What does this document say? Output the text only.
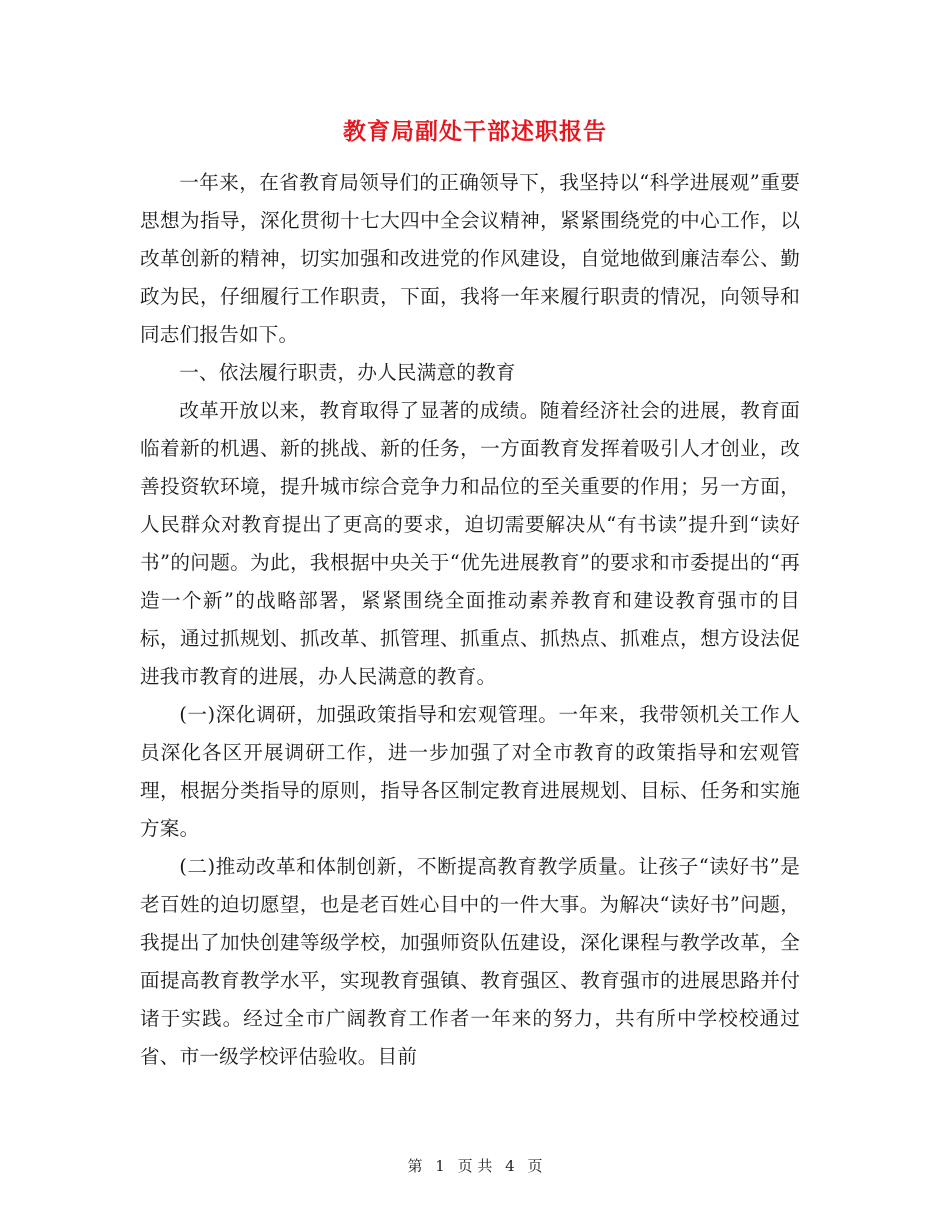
教育局副处干部述职报告

一年来，在省教育局领导们的正确领导下，我坚持以“科学进展观”重要思想为指导，深化贯彻十七大四中全会议精神，紧紧围绕党的中心工作，以改革创新的精神，切实加强和改进党的作风建设，自觉地做到廉洁奉公、勤政为民，仔细履行工作职责，下面，我将一年来履行职责的情况，向领导和同志们报告如下。

一、依法履行职责，办人民满意的教育

改革开放以来，教育取得了显著的成绩。随着经济社会的进展，教育面临着新的机遇、新的挑战、新的任务，一方面教育发挥着吸引人才创业，改善投资软环境，提升城市综合竞争力和品位的至关重要的作用；另一方面，人民群众对教育提出了更高的要求，迫切需要解决从“有书读”提升到“读好书”的问题。为此，我根据中央关于“优先进展教育”的要求和市委提出的“再造一个新”的战略部署，紧紧围绕全面推动素养教育和建设教育强市的目标，通过抓规划、抓改革、抓管理、抓重点、抓热点、抓难点，想方设法促进我市教育的进展，办人民满意的教育。

(一)深化调研，加强政策指导和宏观管理。一年来，我带领机关工作人员深化各区开展调研工作，进一步加强了对全市教育的政策指导和宏观管理，根据分类指导的原则，指导各区制定教育进展规划、目标、任务和实施方案。

(二)推动改革和体制创新，不断提高教育教学质量。让孩子“读好书”是老百姓的迫切愿望，也是老百姓心目中的一件大事。为解决“读好书”问题，我提出了加快创建等级学校，加强师资队伍建设，深化课程与教学改革，全面提高教育教学水平，实现教育强镇、教育强区、教育强市的进展思路并付诸于实践。经过全市广阔教育工作者一年来的努力，共有所中学校校通过省、市一级学校评估验收。目前

第 1 页 共 4 页
